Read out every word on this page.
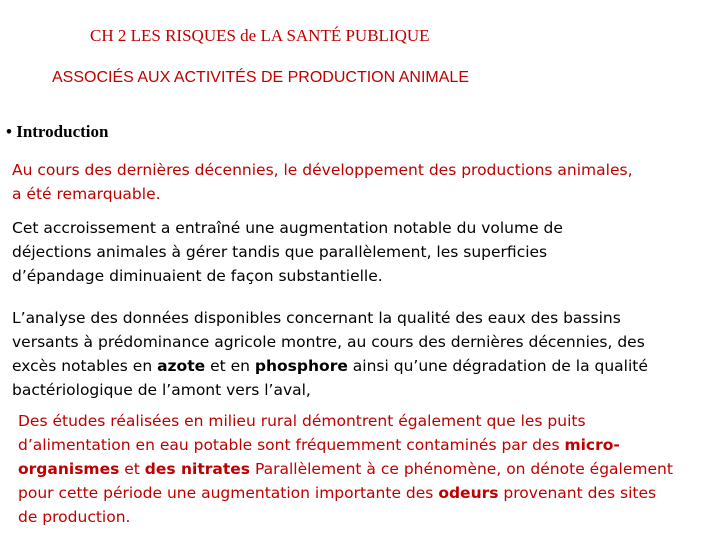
CH 2 LES RISQUES de LA SANTÉ PUBLIQUE
ASSOCIÉS AUX ACTIVITÉS DE PRODUCTION ANIMALE
• Introduction
Au cours des dernières décennies, le développement des productions animales,
a été remarquable.
Cet accroissement a entraîné une augmentation notable du volume de
déjections animales à gérer tandis que parallèlement, les superficies
d’épandage diminuaient de façon substantielle.
L’analyse des données disponibles concernant la qualité des eaux des bassins
versants à prédominance agricole montre, au cours des dernières décennies, des
excès notables en azote et en phosphore ainsi qu’une dégradation de la qualité
bactériologique de l’amont vers l’aval,
Des études réalisées en milieu rural démontrent également que les puits
d’alimentation en eau potable sont fréquemment contaminés par des micro-
organismes et des nitrates Parallèlement à ce phénomène, on dénote également
pour cette période une augmentation importante des odeurs provenant des sites
de production.
